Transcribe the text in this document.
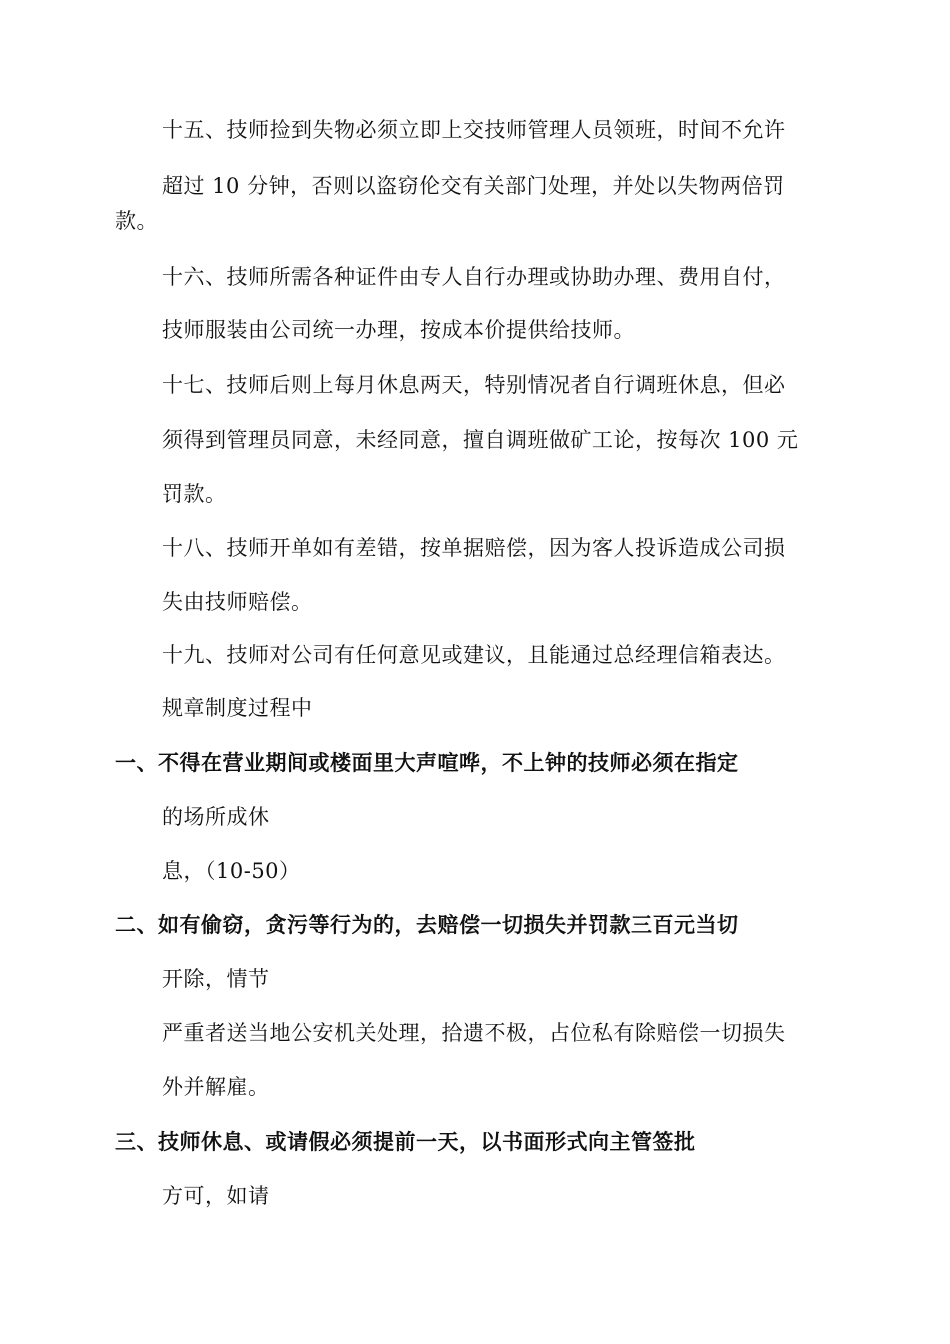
十五、技师捡到失物必须立即上交技师管理人员领班，时间不允许
超过 10 分钟，否则以盗窃伦交有关部门处理，并处以失物两倍罚
款。
十六、技师所需各种证件由专人自行办理或协助办理、费用自付，
技师服装由公司统一办理，按成本价提供给技师。
十七、技师后则上每月休息两天，特别情况者自行调班休息，但必
须得到管理员同意，未经同意，擅自调班做矿工论，按每次 100 元
罚款。
十八、技师开单如有差错，按单据赔偿，因为客人投诉造成公司损
失由技师赔偿。
十九、技师对公司有任何意见或建议，且能通过总经理信箱表达。
规章制度过程中
一、不得在营业期间或楼面里大声喧哗，不上钟的技师必须在指定
的场所成休
息，（10-50）
二、如有偷窃，贪污等行为的，去赔偿一切损失并罚款三百元当切
开除，情节
严重者送当地公安机关处理，拾遗不极，占位私有除赔偿一切损失
外并解雇。
三、技师休息、或请假必须提前一天，以书面形式向主管签批
方可，如请
